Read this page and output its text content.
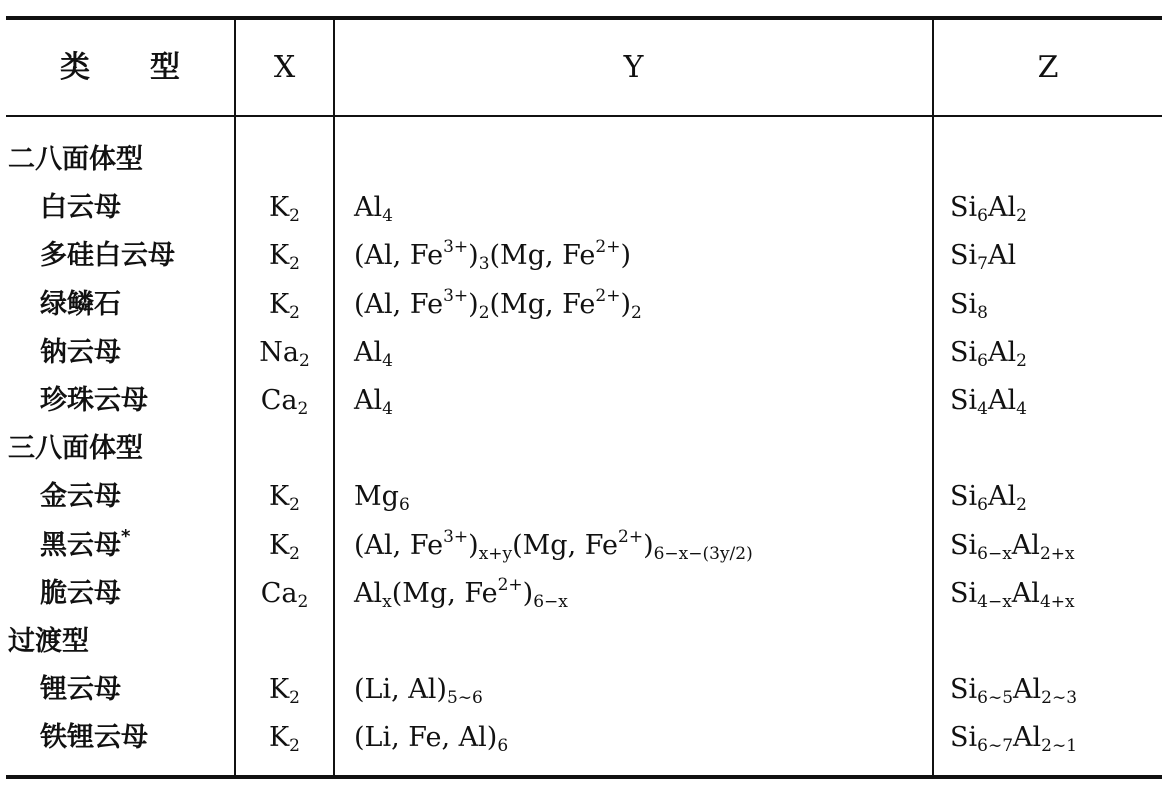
类　　型	X	Y	Z
二八面体型
白云母	$K_2$	$Al_4$	$Si_6Al_2$
多硅白云母	$K_2$	(Al, $Fe^{3+})_3(Mg$, $Fe^{2+}$)	$Si_7Al$
绿鳞石	$K_2$	(Al, $Fe^{3+})_2(Mg$, $Fe^{2+})_2$	$Si_8$
钠云母	$Na_2$	$Al_4$	$Si_6Al_2$
珍珠云母	$Ca_2$	$Al_4$	$Si_4Al_4$
三八面体型
金云母	$K_2$	$Mg_6$	$Si_6Al_2$
黑云母*	$K_2$	(Al, $Fe^{3+})_{x+y}(Mg$, $Fe^{2+})_{6-x-(3y/2)}$	$Si_{6-x}Al_{2+x}$
脆云母	$Ca_2$	$Al_x(Mg$, $Fe^{2+})_{6-x}$	$Si_{4-x}Al_{4+x}$
过渡型
锂云母	$K_2$	(Li, $Al)_{5\sim 6}$	$Si_{6\sim 5}Al_{2\sim 3}$
铁锂云母	$K_2$	(Li, Fe, $Al)_6$	$Si_{6\sim 7}Al_{2\sim 1}$
